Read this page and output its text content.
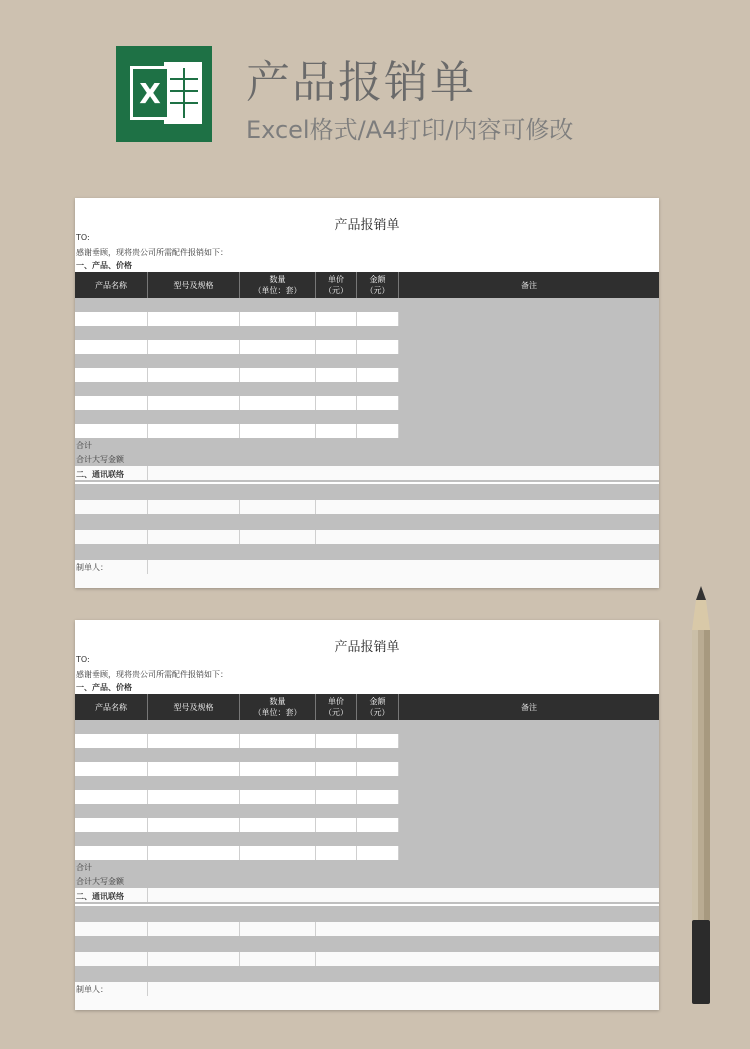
X 产品报销单
Excel格式/A4打印/内容可修改
产品报销单
TO:
感谢垂顾，现将贵公司所需配件报销如下：
一、产品、价格
产品名称	型号及规格
数量
（单位：套）
单价
（元）
金额
（元）
备注
合计
合计大写金额
二、通讯联络
制单人：
产品报销单
TO:
感谢垂顾，现将贵公司所需配件报销如下：
一、产品、价格
产品名称	型号及规格
数量
（单位：套）
单价
（元）
金额
（元）
备注
合计
合计大写金额
二、通讯联络
制单人：
